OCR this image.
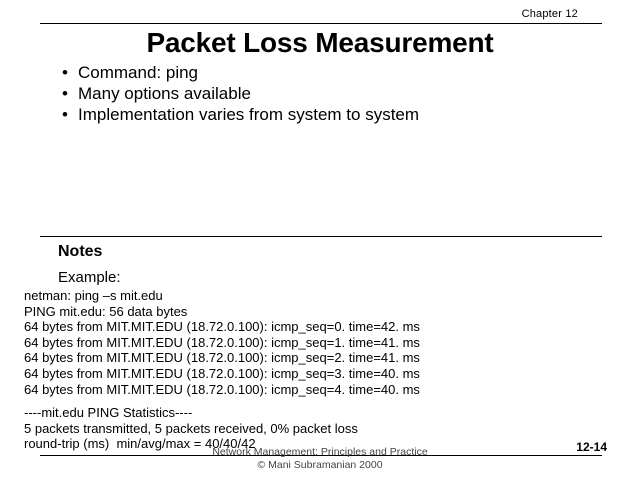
Chapter 12
Packet Loss Measurement
• Command: ping
• Many options available
• Implementation varies from system to system
Notes
Example:
netman: ping –s mit.edu
PING mit.edu: 56 data bytes
64 bytes from MIT.MIT.EDU (18.72.0.100): icmp_seq=0. time=42. ms
64 bytes from MIT.MIT.EDU (18.72.0.100): icmp_seq=1. time=41. ms
64 bytes from MIT.MIT.EDU (18.72.0.100): icmp_seq=2. time=41. ms
64 bytes from MIT.MIT.EDU (18.72.0.100): icmp_seq=3. time=40. ms
64 bytes from MIT.MIT.EDU (18.72.0.100): icmp_seq=4. time=40. ms
----mit.edu PING Statistics----
5 packets transmitted, 5 packets received, 0% packet loss
round-trip (ms)  min/avg/max = 40/40/42
Network Management: Principles and Practice
© Mani Subramanian 2000
12-14
